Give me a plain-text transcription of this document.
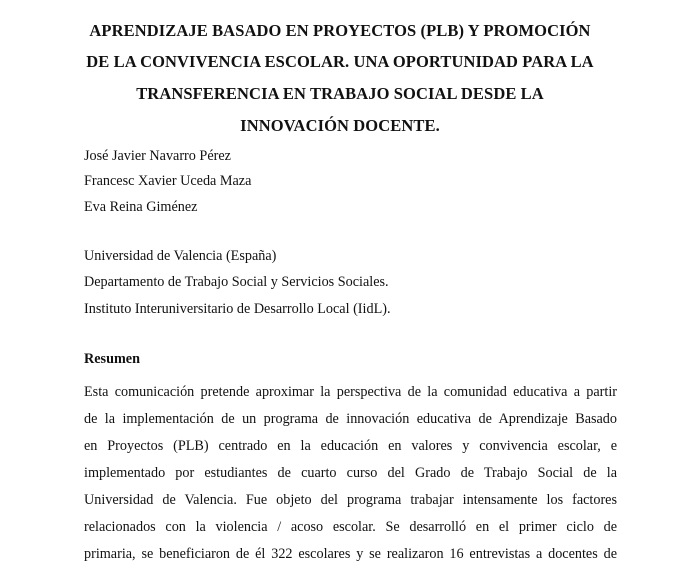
APRENDIZAJE BASADO EN PROYECTOS (PLB) Y PROMOCIÓN
DE LA CONVIVENCIA ESCOLAR. UNA OPORTUNIDAD PARA LA
TRANSFERENCIA EN TRABAJO SOCIAL DESDE LA
INNOVACIÓN DOCENTE.
José Javier Navarro Pérez
Francesc Xavier Uceda Maza
Eva Reina Giménez
Universidad de Valencia (España)
Departamento de Trabajo Social y Servicios Sociales.
Instituto Interuniversitario de Desarrollo Local (IidL).
Resumen
Esta comunicación pretende aproximar la perspectiva de la comunidad educativa a partir
de la implementación de un programa de innovación educativa de Aprendizaje Basado
en Proyectos (PLB) centrado en la educación en valores y convivencia escolar, e
implementado por estudiantes de cuarto curso del Grado de Trabajo Social de la
Universidad de Valencia. Fue objeto del programa trabajar intensamente los factores
relacionados con la violencia / acoso escolar. Se desarrolló en el primer ciclo de
primaria, se beneficiaron de él 322 escolares y se realizaron 16 entrevistas a docentes de
